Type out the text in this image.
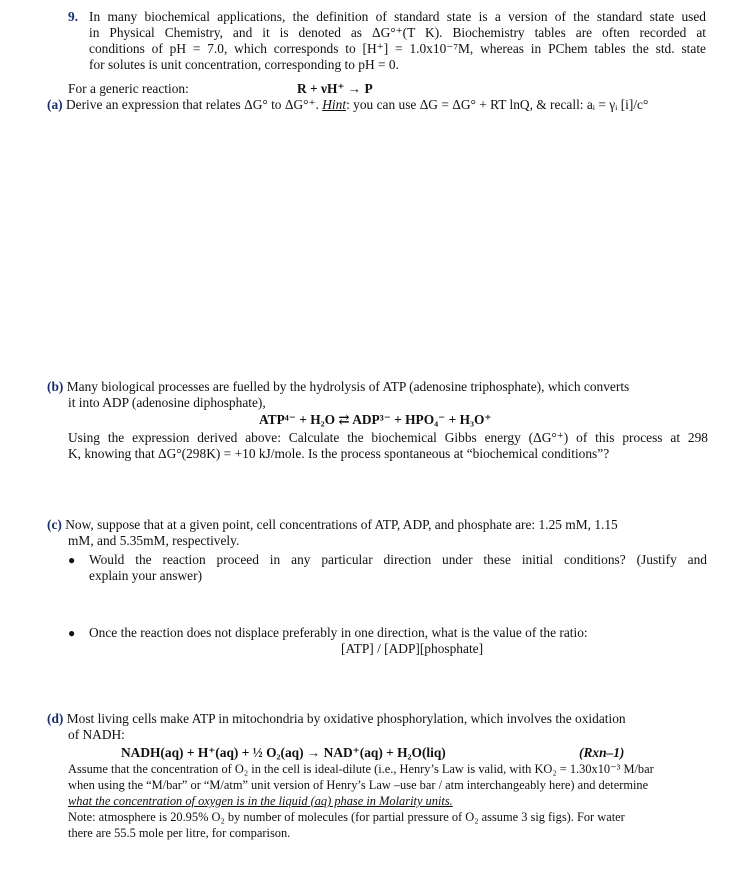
9. In many biochemical applications, the definition of standard state is a version of the standard state used
in Physical Chemistry, and it is denoted as ΔG°⁺(T K). Biochemistry tables are often recorded at
conditions of pH = 7.0, which corresponds to [H⁺] = 1.0x10⁻⁷M, whereas in PChem tables the std. state
for solutes is unit concentration, corresponding to pH = 0.
For a generic reaction:	R + νH⁺ → P
(a) Derive an expression that relates ΔG° to ΔG°⁺. Hint: you can use ΔG = ΔG° + RT lnQ, & recall: aᵢ = γᵢ [i]/c°
(b) Many biological processes are fuelled by the hydrolysis of ATP (adenosine triphosphate), which converts
it into ADP (adenosine diphosphate),
ATP⁴⁻ + H₂O ⇄ ADP³⁻ + HPO₄⁻ + H₃O⁺
Using the expression derived above: Calculate the biochemical Gibbs energy (ΔG°⁺) of this process at 298
K, knowing that ΔG°(298K) = +10 kJ/mole. Is the process spontaneous at “biochemical conditions”?
(c) Now, suppose that at a given point, cell concentrations of ATP, ADP, and phosphate are: 1.25 mM, 1.15
mM, and 5.35mM, respectively.
● Would the reaction proceed in any particular direction under these initial conditions? (Justify and
explain your answer)
● Once the reaction does not displace preferably in one direction, what is the value of the ratio:
[ATP] / [ADP][phosphate]
(d) Most living cells make ATP in mitochondria by oxidative phosphorylation, which involves the oxidation
of NADH:
NADH(aq) + H⁺(aq) + ½ O₂(aq) → NAD⁺(aq) + H₂O(liq)	(Rxn–1)
Assume that the concentration of O₂ in the cell is ideal-dilute (i.e., Henry’s Law is valid, with KO₂ = 1.30x10⁻³ M/bar
when using the “M/bar” or “M/atm” unit version of Henry’s Law –use bar / atm interchangeably here) and determine
what the concentration of oxygen is in the liquid (aq) phase in Molarity units.
Note: atmosphere is 20.95% O₂ by number of molecules (for partial pressure of O₂ assume 3 sig figs). For water
there are 55.5 mole per litre, for comparison.
